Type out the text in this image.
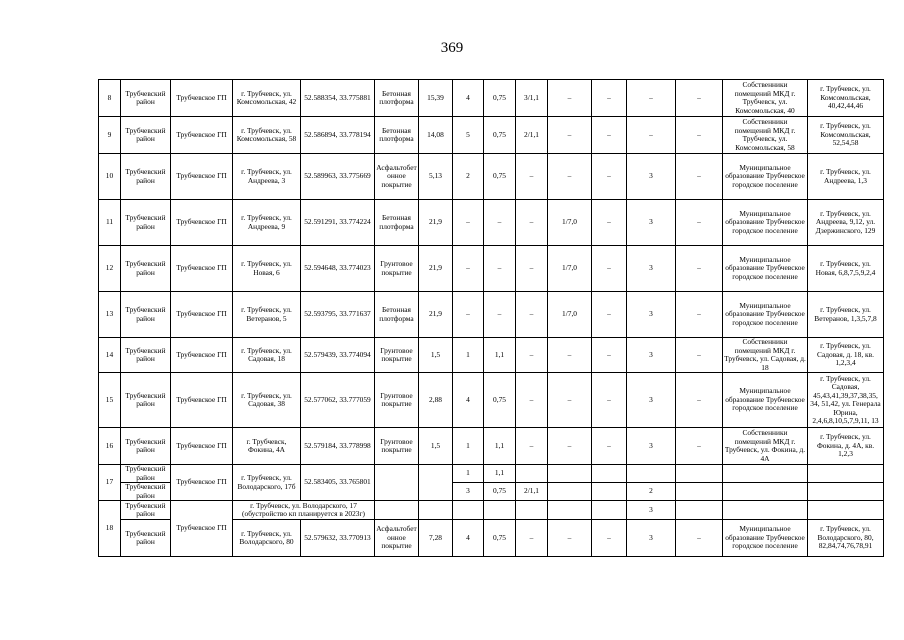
369
8	Трубчевский район	Трубчевское ГП	г. Трубчевск, ул. Комсомольская, 42	52.588354, 33.775881	Бетонная плотформа	15,39	4	0,75	3/1,1	–	–	–	–	Собственники помещений МКД г. Трубчевск, ул. Комсомольская, 40	г. Трубчевск, ул. Комсомольская, 40,42,44,46
9	Трубчевский район	Трубчевское ГП	г. Трубчевск, ул. Комсомольская, 58	52.586894, 33.778194	Бетонная плотформа	14,08	5	0,75	2/1,1	–	–	–	–	Собственники помещений МКД г. Трубчевск, ул. Комсомольская, 58	г. Трубчевск, ул. Комсомольская, 52,54,58
10	Трубчевский район	Трубчевское ГП	г. Трубчевск, ул. Андреева, 3	52.589963, 33.775669	Асфальтобетонное покрытие	5,13	2	0,75	–	–	–	3	–	Муниципальное образование Трубчевское городское поселение	г. Трубчевск, ул. Андреева, 1,3
11	Трубчевский район	Трубчевское ГП	г. Трубчевск, ул. Андреева, 9	52.591291, 33.774224	Бетонная плотформа	21,9	–	–	–	1/7,0	–	3	–	Муниципальное образование Трубчевское городское поселение	г. Трубчевск, ул. Андреева, 9,12, ул. Дзержинского, 129
12	Трубчевский район	Трубчевское ГП	г. Трубчевск, ул. Новая, 6	52.594648, 33.774023	Грунтовое покрытие	21,9	–	–	–	1/7,0	–	3	–	Муниципальное образование Трубчевское городское поселение	г. Трубчевск, ул. Новая, 6,8,7,5,9,2,4
13	Трубчевский район	Трубчевское ГП	г. Трубчевск, ул. Ветеранов, 5	52.593795, 33.771637	Бетонная плотформа	21,9	–	–	–	1/7,0	–	3	–	Муниципальное образование Трубчевское городское поселение	г. Трубчевск, ул. Ветеранов, 1,3,5,7,8
14	Трубчевский район	Трубчевское ГП	г. Трубчевск, ул. Садовая, 18	52.579439, 33.774094	Грунтовое покрытие	1,5	1	1,1	–	–	–	3	–	Собственники помещений МКД г. Трубчевск, ул. Садовая, д. 18	г. Трубчевск, ул. Садовая, д. 18, кв. 1,2,3,4
15	Трубчевский район	Трубчевское ГП	г. Трубчевск, ул. Садовая, 38	52.577062, 33.777059	Грунтовое покрытие	2,88	4	0,75	–	–	–	3	–	Муниципальное образование Трубчевское городское поселение	г. Трубчевск, ул. Садовая, 45,43,41,39,37,38,35, 34, 51,42, ул. Генерала Юрина, 2,4,6,8,10,5,7,9,11, 13
16	Трубчевский район	Трубчевское ГП	г. Трубчевск, Фокина, 4А	52.579184, 33.778998	Грунтовое покрытие	1,5	1	1,1	–	–	–	3	–	Собственники помещений МКД г. Трубчевск, ул. Фокина, д. 4А	г. Трубчевск, ул. Фокина, д. 4А, кв. 1,2,3
17	Трубчевский район	Трубчевское ГП	г. Трубчевск, ул. Володарского, 17б	52.583405, 33.765801			1	1,1							
	Трубчевский район						3	0,75	2/1,1			2			
18	Трубчевский район	Трубчевское ГП	г. Трубчевск, ул. Володарского, 17 (обустройство кп планируется в 2023г)									3			
	Трубчевский район		г. Трубчевск, ул. Володарского, 80	52.579632, 33.770913	Асфальтобетонное покрытие	7,28	4	0,75	–	–	–	3	–	Муниципальное образование Трубчевское городское поселение	г. Трубчевск, ул. Володарского, 80, 82,84,74,76,78,91
